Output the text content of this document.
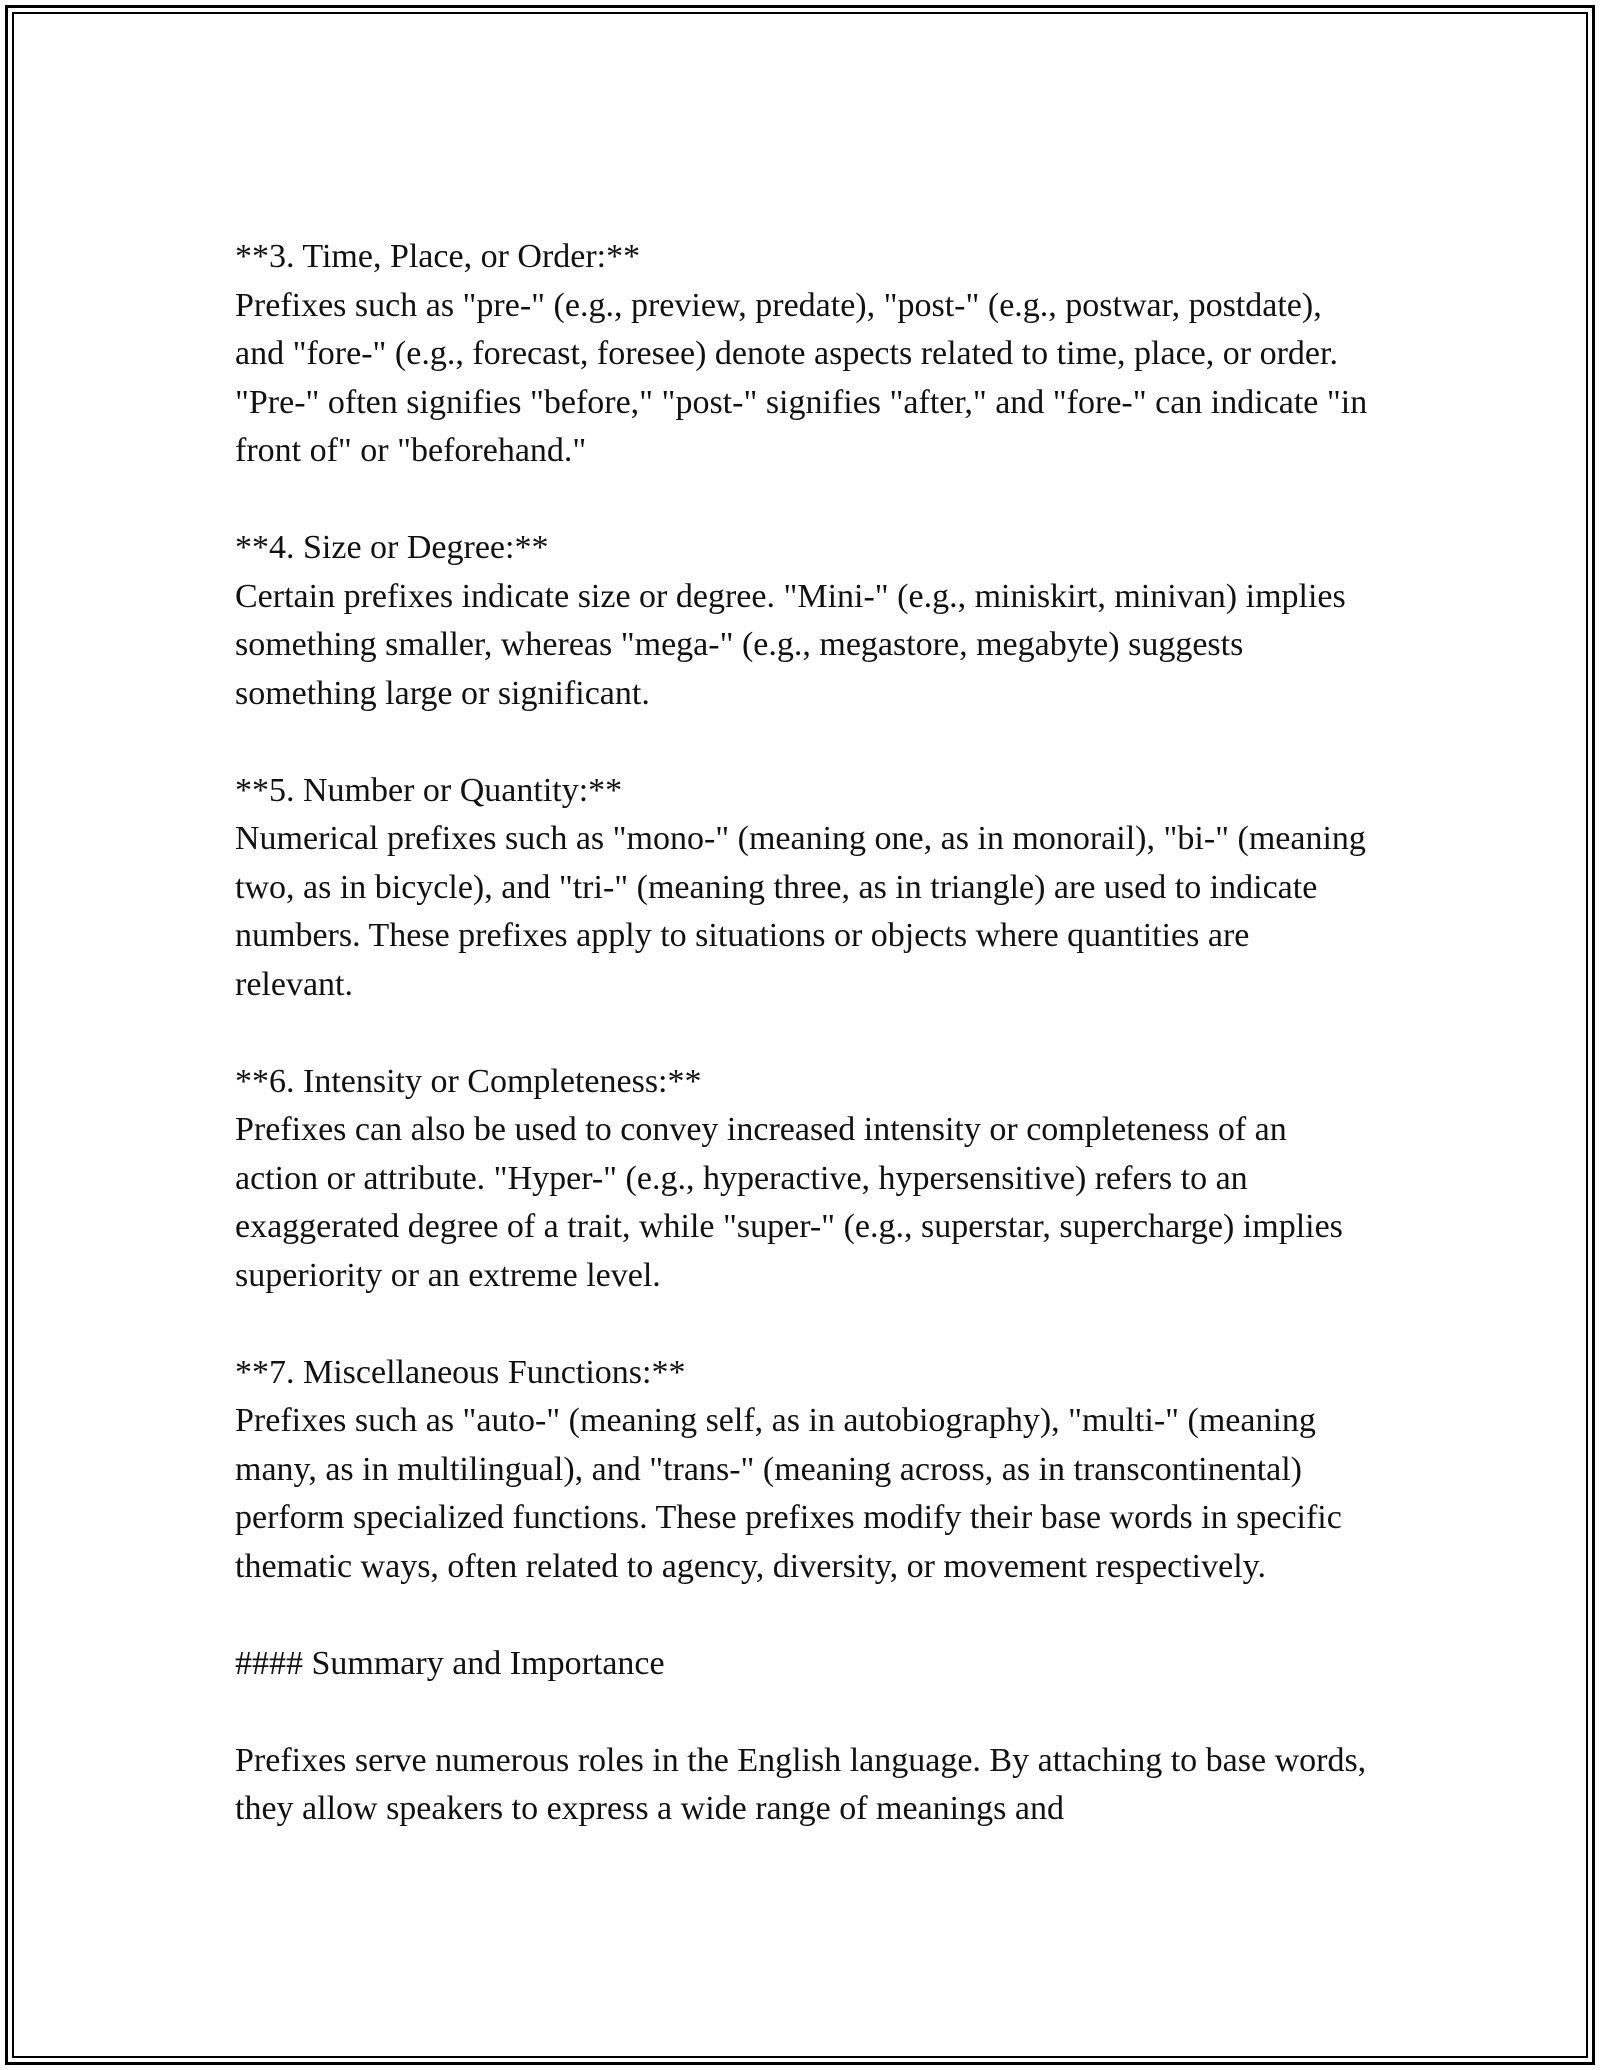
**3. Time, Place, or Order:**

Prefixes such as "pre-" (e.g., preview, predate), "post-" (e.g., postwar, postdate), and "fore-" (e.g., forecast, foresee) denote aspects related to time, place, or order. "Pre-" often signifies "before," "post-" signifies "after," and "fore-" can indicate "in front of" or "beforehand."

**4. Size or Degree:**

Certain prefixes indicate size or degree. "Mini-" (e.g., miniskirt, minivan) implies something smaller, whereas "mega-" (e.g., megastore, megabyte) suggests something large or significant.

**5. Number or Quantity:**

Numerical prefixes such as "mono-" (meaning one, as in monorail), "bi-" (meaning two, as in bicycle), and "tri-" (meaning three, as in triangle) are used to indicate numbers. These prefixes apply to situations or objects where quantities are relevant.

**6. Intensity or Completeness:**

Prefixes can also be used to convey increased intensity or completeness of an action or attribute. "Hyper-" (e.g., hyperactive, hypersensitive) refers to an exaggerated degree of a trait, while "super-" (e.g., superstar, supercharge) implies superiority or an extreme level.

**7. Miscellaneous Functions:**

Prefixes such as "auto-" (meaning self, as in autobiography), "multi-" (meaning many, as in multilingual), and "trans-" (meaning across, as in transcontinental) perform specialized functions. These prefixes modify their base words in specific thematic ways, often related to agency, diversity, or movement respectively.

#### Summary and Importance

Prefixes serve numerous roles in the English language. By attaching to base words, they allow speakers to express a wide range of meanings and
